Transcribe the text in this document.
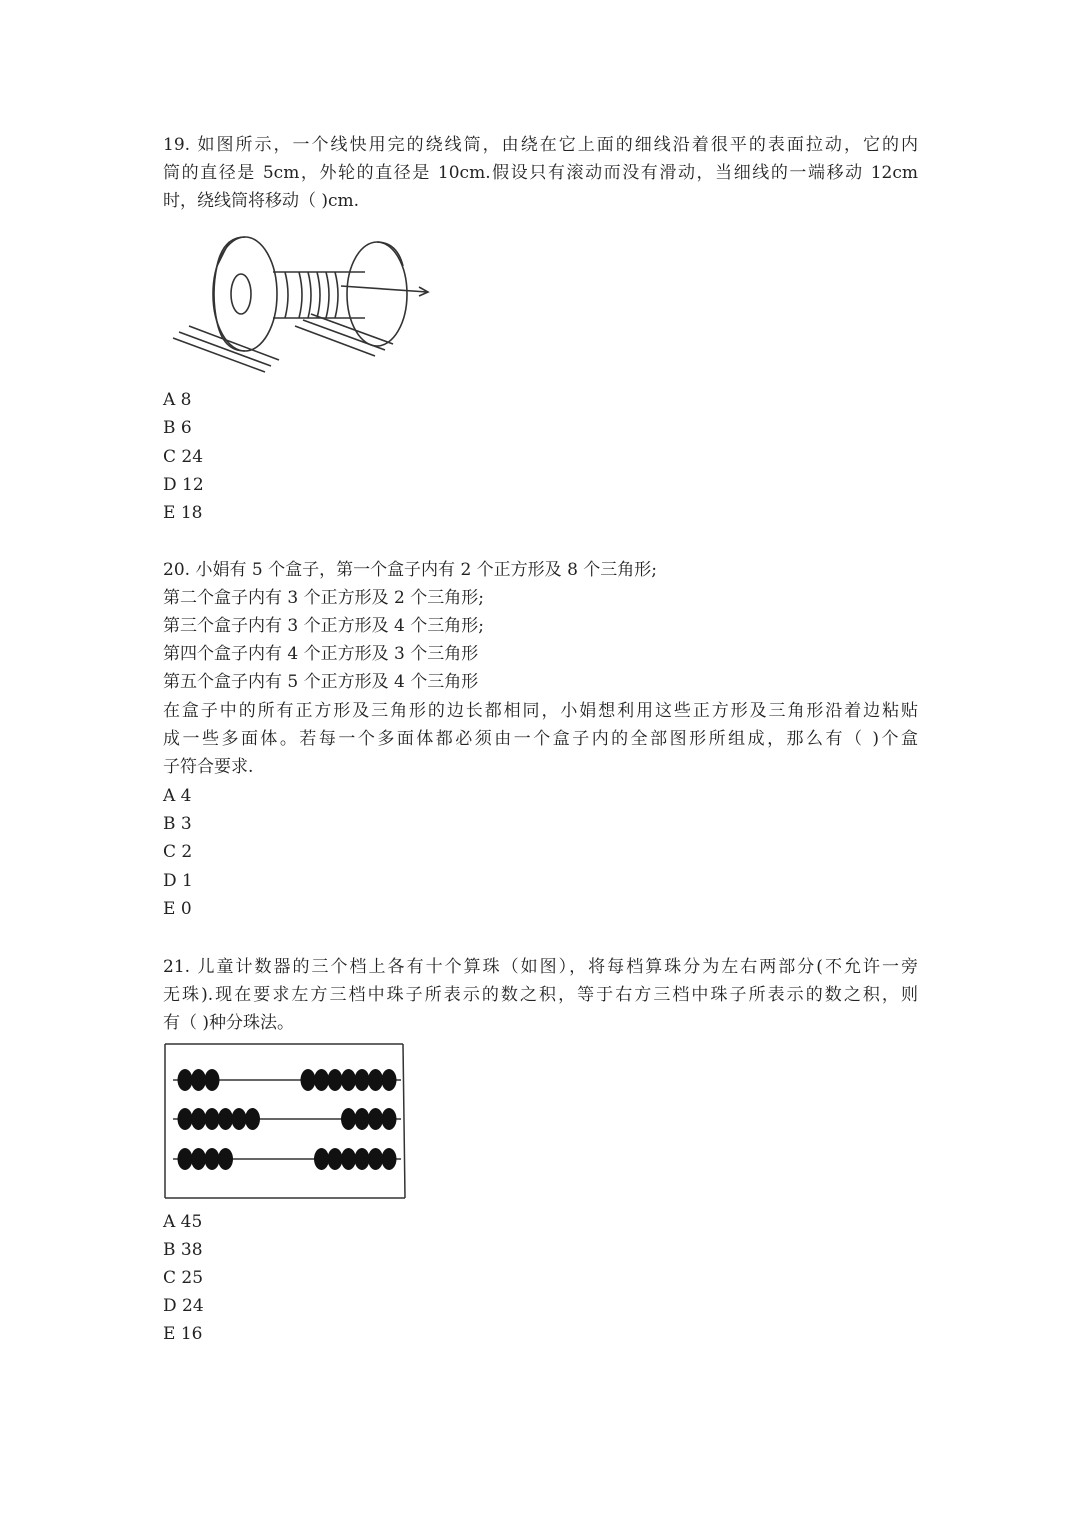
19. 如图所示，一个线快用完的绕线筒，由绕在它上面的细线沿着很平的表面拉动，它的内
筒的直径是 5cm，外轮的直径是 10cm.假设只有滚动而没有滑动，当细线的一端移动 12cm
时，绕线筒将移动（ )cm.
A 8
B 6
C 24
D 12
E 18
20. 小娟有 5 个盒子，第一个盒子内有 2 个正方形及 8 个三角形;
第二个盒子内有 3 个正方形及 2 个三角形;
第三个盒子内有 3 个正方形及 4 个三角形;
第四个盒子内有 4 个正方形及 3 个三角形
第五个盒子内有 5 个正方形及 4 个三角形
在盒子中的所有正方形及三角形的边长都相同，小娟想利用这些正方形及三角形沿着边粘贴
成一些多面体。若每一个多面体都必须由一个盒子内的全部图形所组成，那么有（ )个盒
子符合要求.
A 4
B 3
C 2
D 1
E 0
21. 儿童计数器的三个档上各有十个算珠（如图），将每档算珠分为左右两部分(不允许一旁
无珠).现在要求左方三档中珠子所表示的数之积，等于右方三档中珠子所表示的数之积，则
有（ )种分珠法。
A 45
B 38
C 25
D 24
E 16
